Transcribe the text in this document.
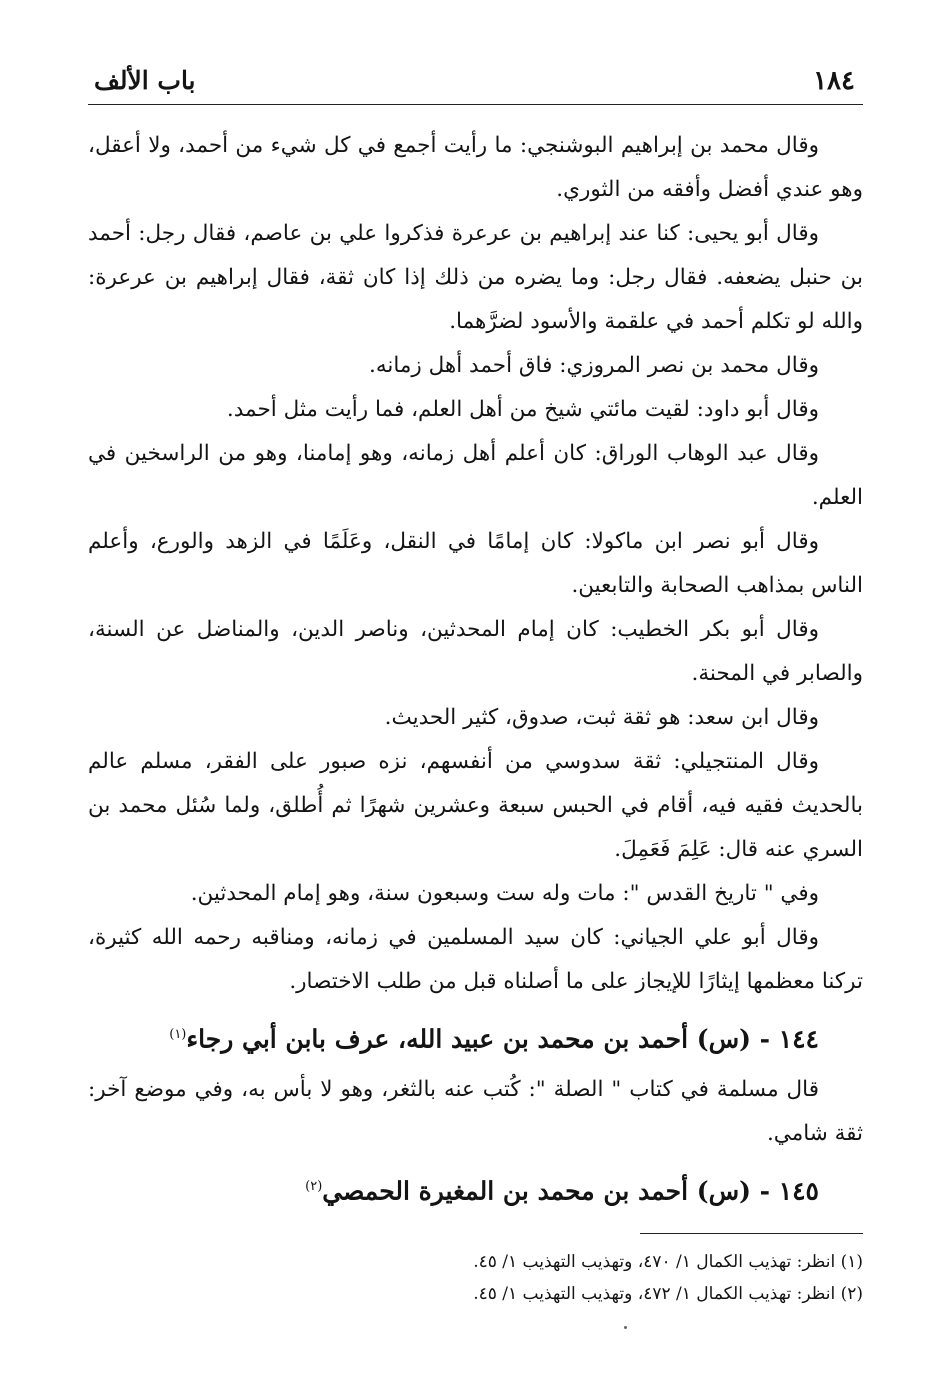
١٨٤
باب الألف

وقال محمد بن إبراهيم البوشنجي: ما رأيت أجمع في كل شيء من أحمد، ولا أعقل، وهو عندي أفضل وأفقه من الثوري.

وقال أبو يحيى: كنا عند إبراهيم بن عرعرة فذكروا علي بن عاصم، فقال رجل: أحمد بن حنبل يضعفه. فقال رجل: وما يضره من ذلك إذا كان ثقة، فقال إبراهيم بن عرعرة: والله لو تكلم أحمد في علقمة والأسود لضرَّهما.

وقال محمد بن نصر المروزي: فاق أحمد أهل زمانه.

وقال أبو داود: لقيت مائتي شيخ من أهل العلم، فما رأيت مثل أحمد.

وقال عبد الوهاب الوراق: كان أعلم أهل زمانه، وهو إمامنا، وهو من الراسخين في العلم.

وقال أبو نصر ابن ماكولا: كان إمامًا في النقل، وعَلَمًا في الزهد والورع، وأعلم الناس بمذاهب الصحابة والتابعين.

وقال أبو بكر الخطيب: كان إمام المحدثين، وناصر الدين، والمناضل عن السنة، والصابر في المحنة.

وقال ابن سعد: هو ثقة ثبت، صدوق، كثير الحديث.

وقال المنتجيلي: ثقة سدوسي من أنفسهم، نزه صبور على الفقر، مسلم عالم بالحديث فقيه فيه، أقام في الحبس سبعة وعشرين شهرًا ثم أُطلق، ولما سُئل محمد بن السري عنه قال: عَلِمَ فَعَمِلَ.

وفي " تاريخ القدس ": مات وله ست وسبعون سنة، وهو إمام المحدثين.

وقال أبو علي الجياني: كان سيد المسلمين في زمانه، ومناقبه رحمه الله كثيرة، تركنا معظمها إيثارًا للإيجاز على ما أصلناه قبل من طلب الاختصار.

١٤٤ - (س) أحمد بن محمد بن عبيد الله، عرف بابن أبي رجاء$^{(١)}$

قال مسلمة في كتاب " الصلة ": كُتب عنه بالثغر، وهو لا بأس به، وفي موضع آخر: ثقة شامي.

١٤٥ - (س) أحمد بن محمد بن المغيرة الحمصي$^{(٢)}$

(١) انظر: تهذيب الكمال ١/ ٤٧٠، وتهذيب التهذيب ١/ ٤٥.

(٢) انظر: تهذيب الكمال ١/ ٤٧٢، وتهذيب التهذيب ١/ ٤٥.
